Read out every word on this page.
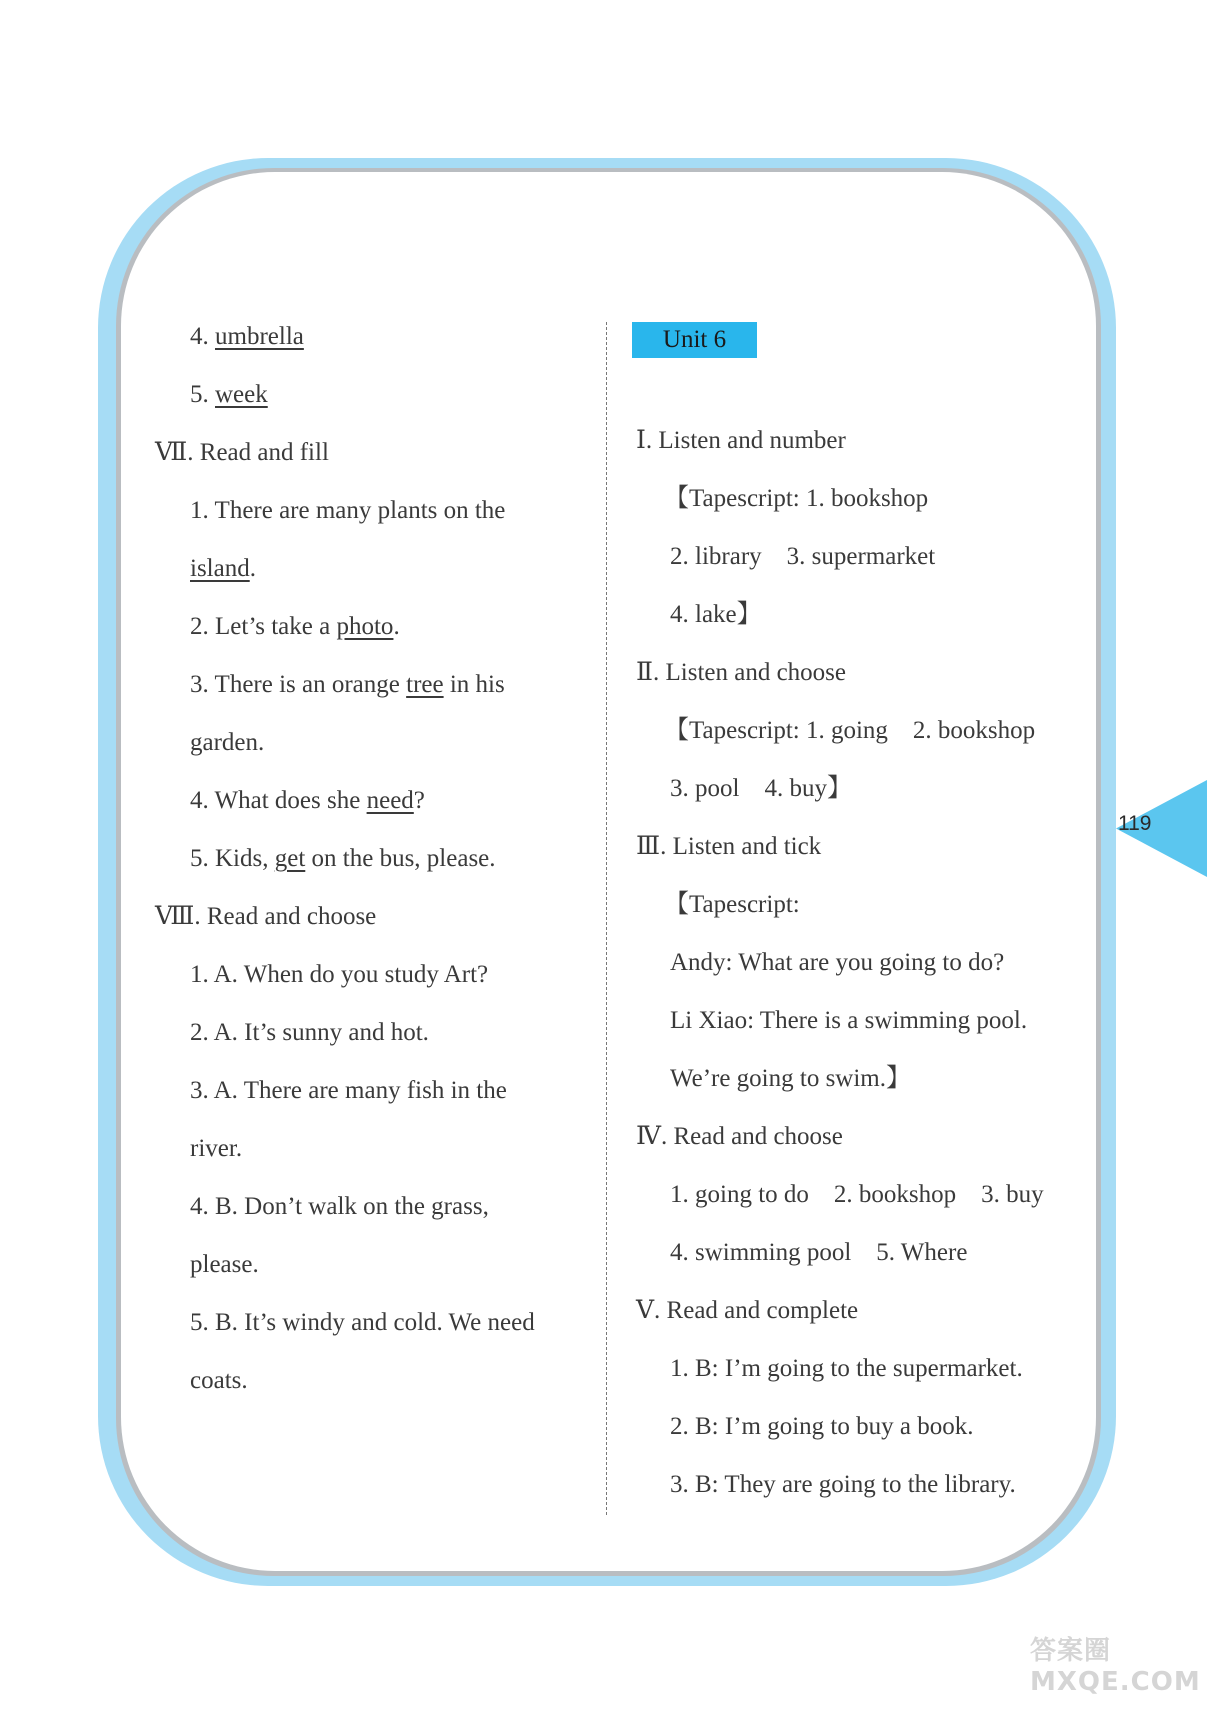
119
4. umbrella
5. week
Ⅶ. Read and fill
1. There are many plants on the
island.
2. Let’s take a photo.
3. There is an orange tree in his
garden.
4. What does she need?
5. Kids, get on the bus, please.
Ⅷ. Read and choose
1. A. When do you study Art?
2. A. It’s sunny and hot.
3. A. There are many fish in the
river.
4. B. Don’t walk on the grass,
please.
5. B. It’s windy and cold. We need
coats.
Unit 6
Ⅰ. Listen and number
【Tapescript: 1. bookshop
2. library    3. supermarket
4. lake】
Ⅱ. Listen and choose
【Tapescript: 1. going    2. bookshop
3. pool    4. buy】
Ⅲ. Listen and tick
【Tapescript:
Andy: What are you going to do?
Li Xiao: There is a swimming pool.
We’re going to swim.】
Ⅳ. Read and choose
1. going to do    2. bookshop    3. buy
4. swimming pool    5. Where
Ⅴ. Read and complete
1. B: I’m going to the supermarket.
2. B: I’m going to buy a book.
3. B: They are going to the library.
答案圈 MXQE.COM
